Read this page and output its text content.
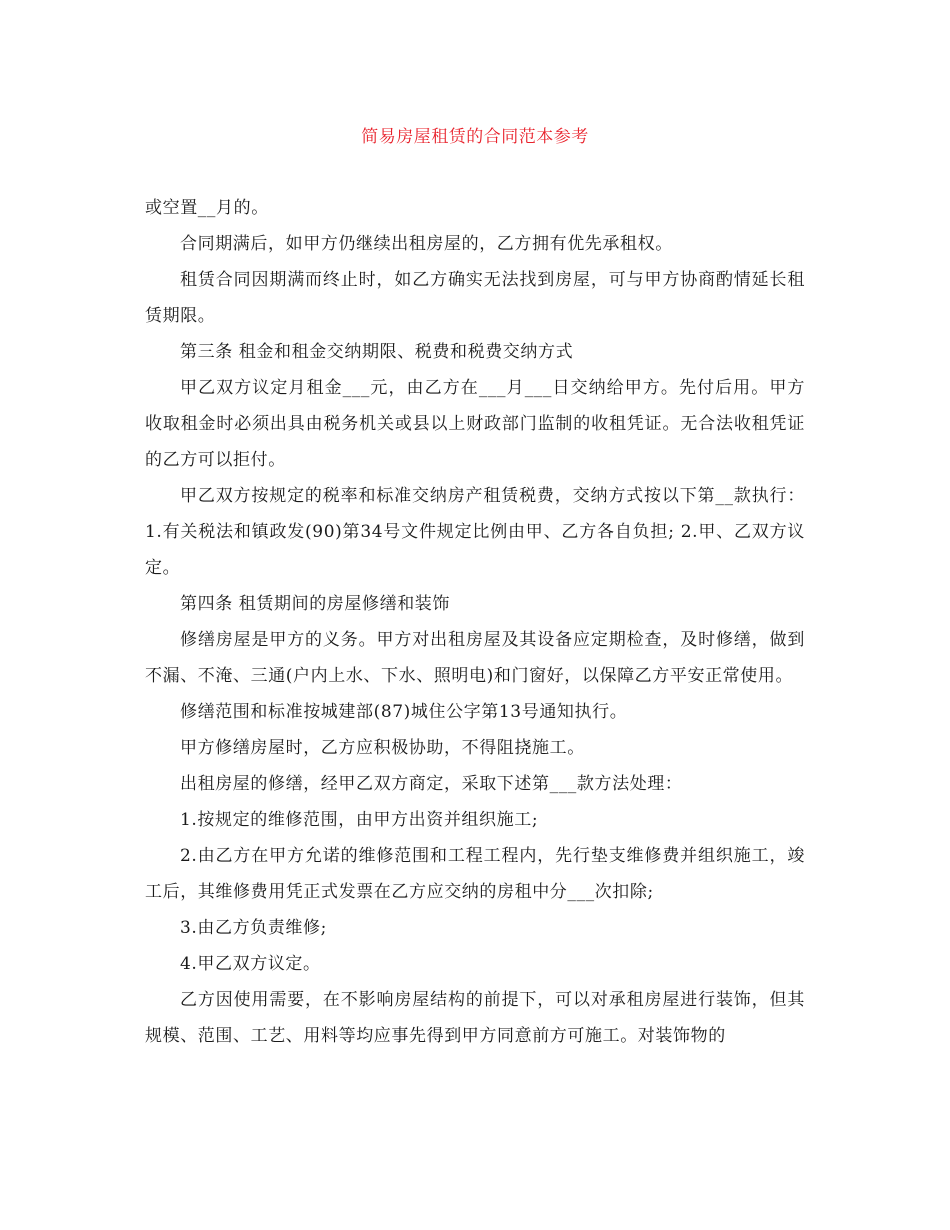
简易房屋租赁的合同范本参考

或空置__月的。

合同期满后，如甲方仍继续出租房屋的，乙方拥有优先承租权。

租赁合同因期满而终止时，如乙方确实无法找到房屋，可与甲方协商酌情延长租赁期限。

第三条 租金和租金交纳期限、税费和税费交纳方式

甲乙双方议定月租金___元，由乙方在___月___日交纳给甲方。先付后用。甲方收取租金时必须出具由税务机关或县以上财政部门监制的收租凭证。无合法收租凭证的乙方可以拒付。

甲乙双方按规定的税率和标准交纳房产租赁税费，交纳方式按以下第__款执行： 1.有关税法和镇政发(90)第34号文件规定比例由甲、乙方各自负担; 2.甲、乙双方议定。

第四条 租赁期间的房屋修缮和装饰

修缮房屋是甲方的义务。甲方对出租房屋及其设备应定期检查，及时修缮，做到不漏、不淹、三通(户内上水、下水、照明电)和门窗好，以保障乙方平安正常使用。

修缮范围和标准按城建部(87)城住公字第13号通知执行。

甲方修缮房屋时，乙方应积极协助，不得阻挠施工。

出租房屋的修缮，经甲乙双方商定，采取下述第___款方法处理：

1.按规定的维修范围，由甲方出资并组织施工;

2.由乙方在甲方允诺的维修范围和工程工程内，先行垫支维修费并组织施工，竣工后，其维修费用凭正式发票在乙方应交纳的房租中分___次扣除;

3.由乙方负责维修;

4.甲乙双方议定。

乙方因使用需要，在不影响房屋结构的前提下，可以对承租房屋进行装饰，但其规模、范围、工艺、用料等均应事先得到甲方同意前方可施工。对装饰物的
